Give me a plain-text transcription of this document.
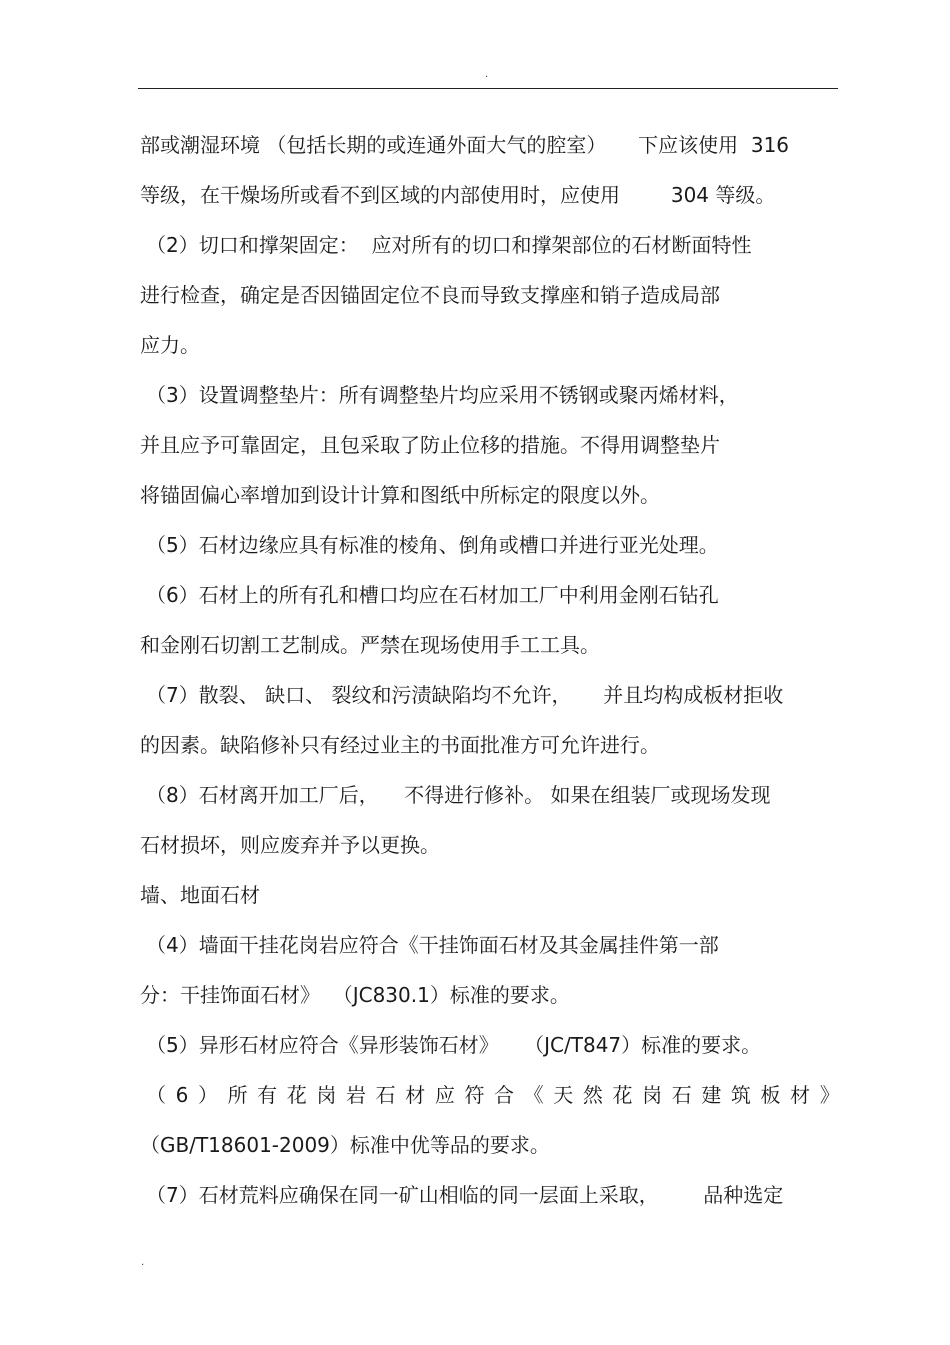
.
部或潮湿环境 （包括长期的或连通外面大气的腔室）     下应该使用  316
等级，在干燥场所或看不到区域的内部使用时，应使用        304 等级。
（2）切口和撑架固定：  应对所有的切口和撑架部位的石材断面特性
进行检查，确定是否因锚固定位不良而导致支撑座和销子造成局部
应力。
（3）设置调整垫片：所有调整垫片均应采用不锈钢或聚丙烯材料，
并且应予可靠固定，且包采取了防止位移的措施。不得用调整垫片
将锚固偏心率增加到设计计算和图纸中所标定的限度以外。
（5）石材边缘应具有标准的棱角、倒角或槽口并进行亚光处理。
（6）石材上的所有孔和槽口均应在石材加工厂中利用金刚石钻孔
和金刚石切割工艺制成。严禁在现场使用手工工具。
（7）散裂、 缺口、 裂纹和污渍缺陷均不允许，     并且均构成板材拒收
的因素。缺陷修补只有经过业主的书面批准方可允许进行。
（8）石材离开加工厂后，    不得进行修补。 如果在组装厂或现场发现
石材损坏，则应废弃并予以更换。
墙、地面石材
（4）墙面干挂花岗岩应符合《干挂饰面石材及其金属挂件第一部
分：干挂饰面石材》  （JC830.1）标准的要求。
（5）异形石材应符合《异形装饰石材》    （JC/T847）标准的要求。
（ 6 ） 所 有 花 岗 岩 石 材 应 符 合 《 天 然 花 岗 石 建 筑 板 材 》
（GB/T18601-2009）标准中优等品的要求。
（7）石材荒料应确保在同一矿山相临的同一层面上采取，       品种选定
.
